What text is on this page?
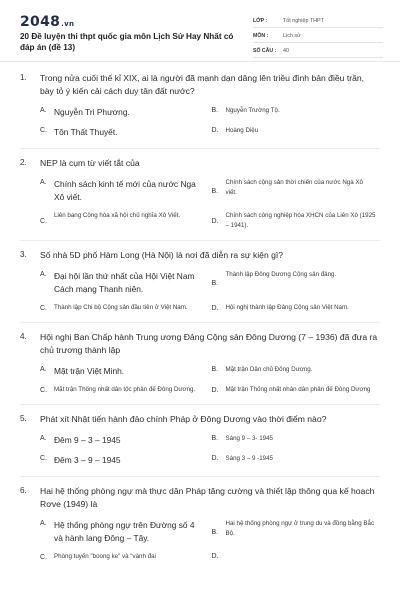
2048.vn
20 Đề luyện thi thpt quốc gia môn Lịch Sử Hay Nhất có đáp án (đề 13)
LỚP :	Tốt nghiệp THPT
MÔN :	Lịch sử
SỐ CÂU :	40
1.	Trong nửa cuối thế kỉ XIX, ai là người đã mạnh dạn dâng lên triều đình bản điều trần, bày tỏ ý kiến cải cách duy tân đất nước?
A. Nguyễn Tri Phương.	B.	Nguyễn Trường Tộ.
C. Tôn Thất Thuyết.	D.	Hoàng Diệu
2.	NEP là cụm từ viết tắt của
A. Chính sách kinh tế mới của nước Nga Xô viết.
B.
Chính sách cộng sản thời chiến của nước Nga Xô viết.
C.
Liên bang Cộng hòa xã hội chủ nghĩa Xô Viết.
D.
Chính sách công nghiệp hóa XHCN của Liên Xô (1925 – 1941).
3.	Số nhà 5D phố Hàm Long (Hà Nội) là nơi đã diễn ra sự kiện gì?
A. Đại hội lần thứ nhất của Hội Việt Nam Cách mạng Thanh niên.
B.
Thành lập Đông Dương Cộng sản đảng.
C.	Thành lập Chi bộ Cộng sản đầu tiên ở Việt Nam.	D.	Hội nghị thành lập Đảng Cộng sản Việt Nam.
4.	Hội nghị Ban Chấp hành Trung ương Đảng Cộng sản Đông Dương (7 – 1936) đã đưa ra chủ trương thành lập
A. Mặt trận Việt Minh.	B.	Mặt trận Dân chủ Đông Dương.
C.	Mặt trận Thống nhất dân tộc phản đế Đông Dương.	D.	Mặt trận Thống nhất nhân dân phản đế Đông Dương
5.	Phát xít Nhật tiến hành đảo chính Pháp ở Đông Dương vào thời điểm nào?
A. Đêm 9 – 3 – 1945	B.	Sáng 9 – 3- 1945
C. Đêm 3 – 9 – 1945	D.	Sáng 3 – 9 -1945
6.	Hai hệ thống phòng ngự mà thực dân Pháp tăng cường và thiết lập thông qua kế hoạch Rơve (1949) là
A. Hệ thống phòng ngự trên Đường số 4 và hành lang Đông – Tây.
B.
Hai hệ thống phòng ngự ở trung du và đồng bằng Bắc Bộ.
C.	Phòng tuyến "boong ke" và "vành đai	D.
